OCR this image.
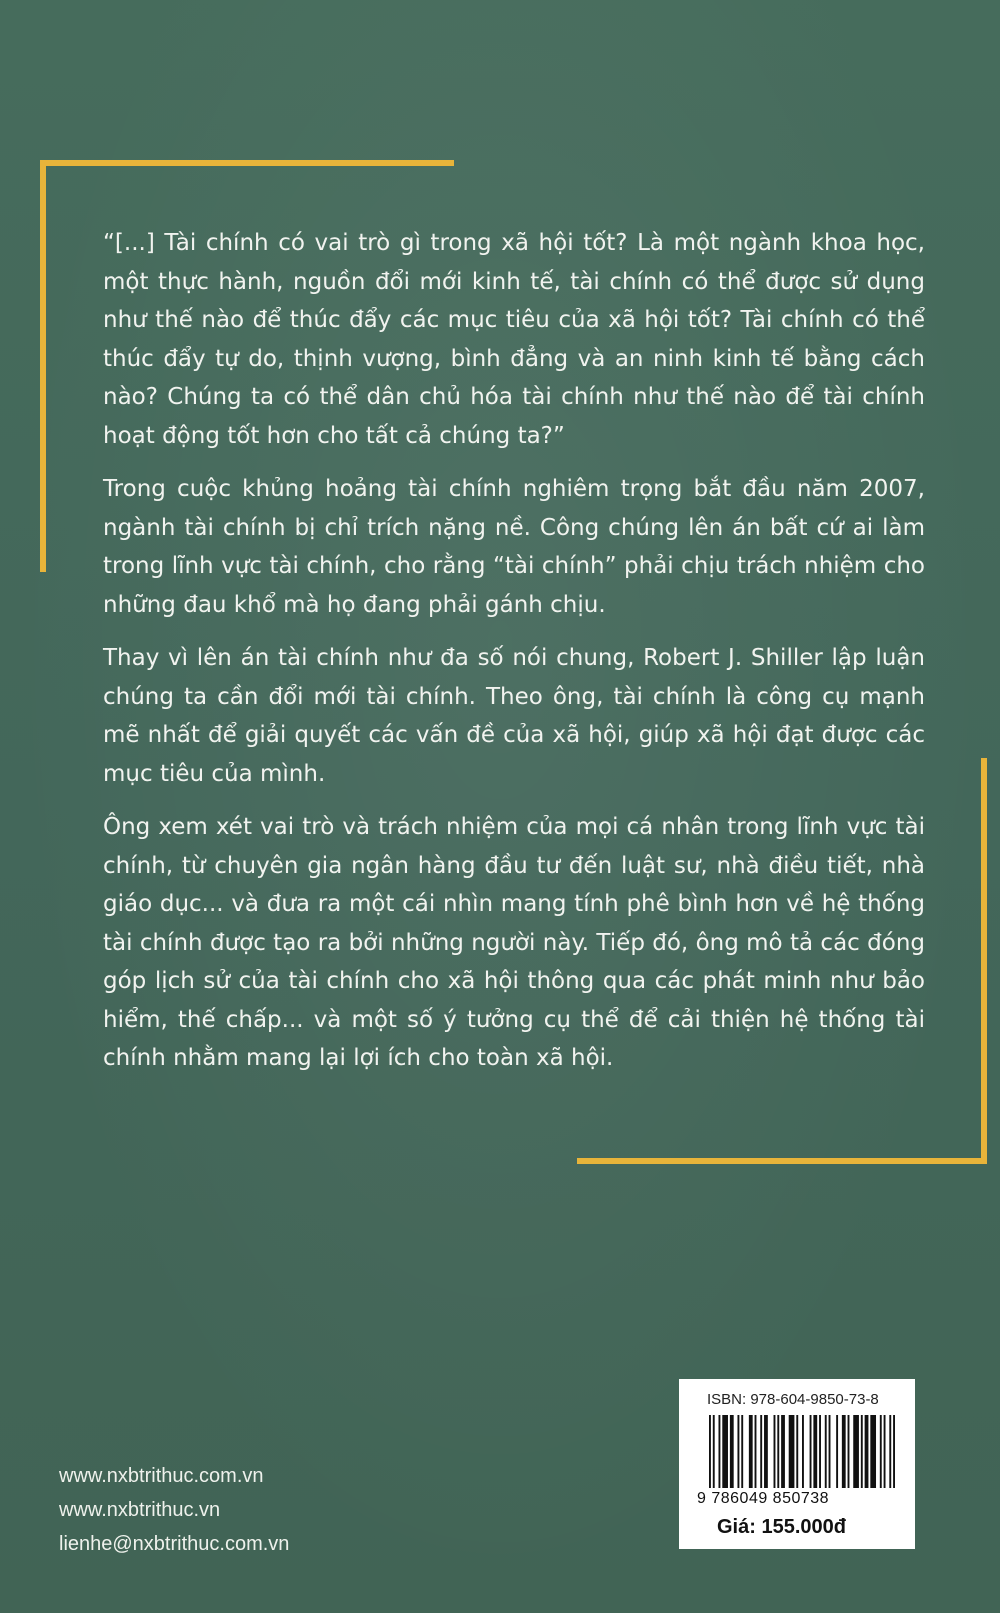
“[...] Tài chính có vai trò gì trong xã hội tốt? Là một ngành khoa học, một thực hành, nguồn đổi mới kinh tế, tài chính có thể được sử dụng như thế nào để thúc đẩy các mục tiêu của xã hội tốt? Tài chính có thể thúc đẩy tự do, thịnh vượng, bình đẳng và an ninh kinh tế bằng cách nào? Chúng ta có thể dân chủ hóa tài chính như thế nào để tài chính hoạt động tốt hơn cho tất cả chúng ta?”

Trong cuộc khủng hoảng tài chính nghiêm trọng bắt đầu năm 2007, ngành tài chính bị chỉ trích nặng nề. Công chúng lên án bất cứ ai làm trong lĩnh vực tài chính, cho rằng “tài chính” phải chịu trách nhiệm cho những đau khổ mà họ đang phải gánh chịu.

Thay vì lên án tài chính như đa số nói chung, Robert J. Shiller lập luận chúng ta cần đổi mới tài chính. Theo ông, tài chính là công cụ mạnh mẽ nhất để giải quyết các vấn đề của xã hội, giúp xã hội đạt được các mục tiêu của mình.

Ông xem xét vai trò và trách nhiệm của mọi cá nhân trong lĩnh vực tài chính, từ chuyên gia ngân hàng đầu tư đến luật sư, nhà điều tiết, nhà giáo dục... và đưa ra một cái nhìn mang tính phê bình hơn về hệ thống tài chính được tạo ra bởi những người này. Tiếp đó, ông mô tả các đóng góp lịch sử của tài chính cho xã hội thông qua các phát minh như bảo hiểm, thế chấp... và một số ý tưởng cụ thể để cải thiện hệ thống tài chính nhằm mang lại lợi ích cho toàn xã hội.

www.nxbtrithuc.com.vn
www.nxbtrithuc.vn
lienhe@nxbtrithuc.com.vn
ISBN: 978-604-9850-73-8
9 786049 850738
Giá: 155.000đ
